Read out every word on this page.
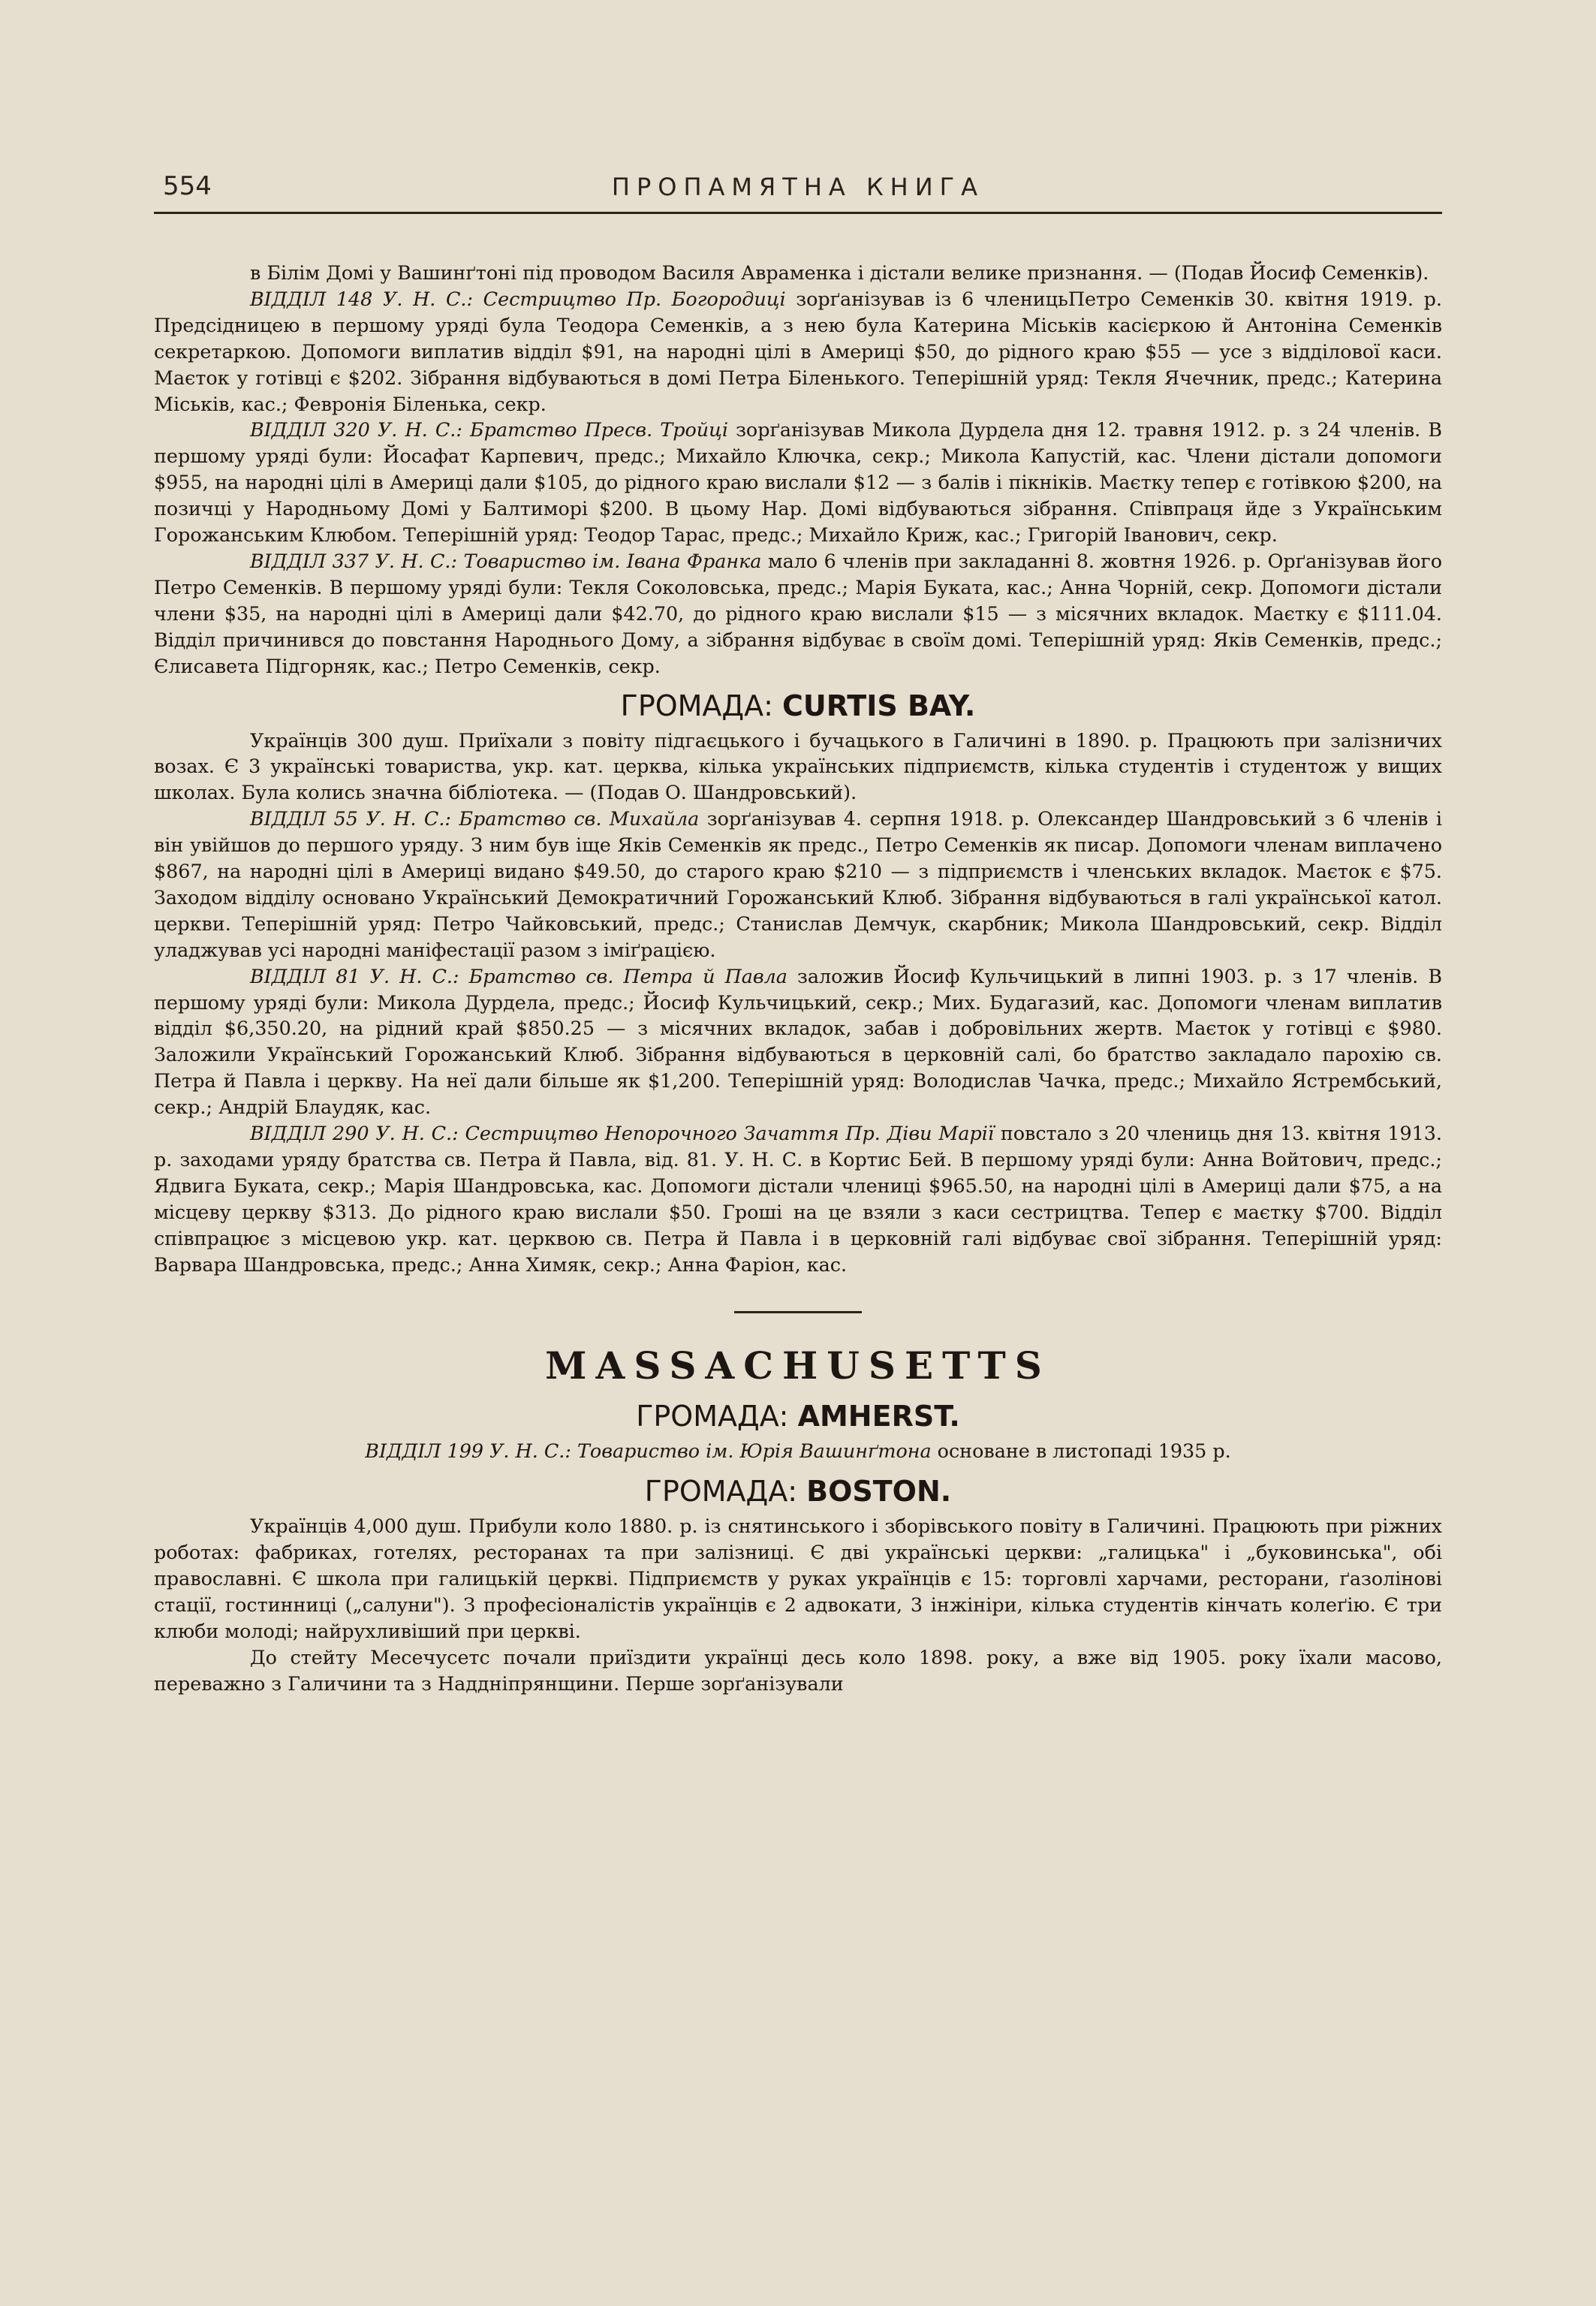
554	ПРОПАМЯТНА КНИГА

в Білім Домі у Вашинґтоні під проводом Василя Авраменка і дістали велике признання. — (Подав Йосиф Семенків).

ВІДДІЛ 148 У. Н. С.: Сестрицтво Пр. Богородиці зорґанізував із 6 членицьПетро Семенків 30. квітня 1919. р. Предсідницею в першому уряді була Теодора Семенків, а з нею була Катерина Міськів касієркою й Антоніна Семенків секретаркою. Допомоги виплатив відділ $91, на народні цілі в Америці $50, до рідного краю $55 — усе з відділової каси. Маєток у готівці є $202. Зібрання відбуваються в домі Петра Біленького. Теперішній уряд: Текля Ячечник, предс.; Катерина Міськів, кас.; Февронія Біленька, секр.

ВІДДІЛ 320 У. Н. С.: Братство Пресв. Тройці зорґанізував Микола Дурдела дня 12. травня 1912. р. з 24 членів. В першому уряді були: Йосафат Карпевич, предс.; Михайло Ключка, секр.; Микола Капустій, кас. Члени дістали допомоги $955, на народні цілі в Америці дали $105, до рідного краю вислали $12 — з балів і пікніків. Маєтку тепер є готівкою $200, на позичці у Народньому Домі у Балтиморі $200. В цьому Нар. Домі відбуваються зібрання. Співпраця йде з Українським Горожанським Клюбом. Теперішній уряд: Теодор Тарас, предс.; Михайло Криж, кас.; Григорій Іванович, секр.

ВІДДІЛ 337 У. Н. С.: Товариство ім. Івана Франка мало 6 членів при закладанні 8. жовтня 1926. р. Орґанізував його Петро Семенків. В першому уряді були: Текля Соколовська, предс.; Марія Буката, кас.; Анна Чорній, секр. Допомоги дістали члени $35, на народні цілі в Америці дали $42.70, до рідного краю вислали $15 — з місячних вкладок. Маєтку є $111.04. Відділ причинився до повстання Народнього Дому, а зібрання відбуває в своїм домі. Теперішній уряд: Яків Семенків, предс.; Єлисавета Підгорняк, кас.; Петро Семенків, секр.

ГРОМАДА: CURTIS BAY.

Українців 300 душ. Приїхали з повіту підгаєцького і бучацького в Галичині в 1890. р. Працюють при залізничих возах. Є 3 українські товариства, укр. кат. церква, кілька українських підприємств, кілька студентів і студентож у вищих школах. Була колись значна бібліотека. — (Подав О. Шандровський).

ВІДДІЛ 55 У. Н. С.: Братство св. Михайла зорґанізував 4. серпня 1918. р. Олександер Шандровський з 6 членів і він увійшов до першого уряду. З ним був іще Яків Семенків як предс., Петро Семенків як писар. Допомоги членам виплачено $867, на народні цілі в Америці видано $49.50, до старого краю $210 — з підприємств і членських вкладок. Маєток є $75. Заходом відділу основано Український Демократичний Горожанський Клюб. Зібрання відбуваються в галі української катол. церкви. Теперішній уряд: Петро Чайковський, предс.; Станислав Демчук, скарбник; Микола Шандровський, секр. Відділ уладжував усі народні маніфестації разом з іміґрацією.

ВІДДІЛ 81 У. Н. С.: Братство св. Петра й Павла заложив Йосиф Кульчицький в липні 1903. р. з 17 членів. В першому уряді були: Микола Дурдела, предс.; Йосиф Кульчицький, секр.; Мих. Будагазий, кас. Допомоги членам виплатив відділ $6,350.20, на рідний край $850.25 — з місячних вкладок, забав і добровільних жертв. Маєток у готівці є $980. Заложили Український Горожанський Клюб. Зібрання відбуваються в церковній салі, бо братство закладало парохію св. Петра й Павла і церкву. На неї дали більше як $1,200. Теперішній уряд: Володислав Чачка, предс.; Михайло Ястрембський, секр.; Андрій Блаудяк, кас.

ВІДДІЛ 290 У. Н. С.: Сестрицтво Непорочного Зачаття Пр. Діви Марії повстало з 20 члениць дня 13. квітня 1913. р. заходами уряду братства св. Петра й Павла, від. 81. У. Н. С. в Кортис Бей. В першому уряді були: Анна Войтович, предс.; Ядвига Буката, секр.; Марія Шандровська, кас. Допомоги дістали члениці $965.50, на народні цілі в Америці дали $75, а на місцеву церкву $313. До рідного краю вислали $50. Гроші на це взяли з каси сестрицтва. Тепер є маєтку $700. Відділ співпрацює з місцевою укр. кат. церквою св. Петра й Павла і в церковній галі відбуває свої зібрання. Теперішній уряд: Варвара Шандровська, предс.; Анна Химяк, секр.; Анна Фаріон, кас.

MASSACHUSETTS

ГРОМАДА: AMHERST.

ВІДДІЛ 199 У. Н. С.: Товариство ім. Юрія Вашинґтона основане в листопаді 1935 р.

ГРОМАДА: BOSTON.

Українців 4,000 душ. Прибули коло 1880. р. із снятинського і зборівського повіту в Галичині. Працюють при ріжних роботах: фабриках, готелях, ресторанах та при залізниці. Є дві українські церкви: „галицька" і „буковинська", обі православні. Є школа при галицькій церкві. Підприємств у руках українців є 15: торговлі харчами, ресторани, ґазолінові стації, гостинниці („салуни"). З професіоналістів українців є 2 адвокати, 3 інжініри, кілька студентів кінчать колеґію. Є три клюби молоді; найрухливіший при церкві.

До стейту Месечусетс почали приїздити українці десь коло 1898. року, а вже від 1905. року їхали масово, переважно з Галичини та з Наддніпрянщини. Перше зорґанізували
